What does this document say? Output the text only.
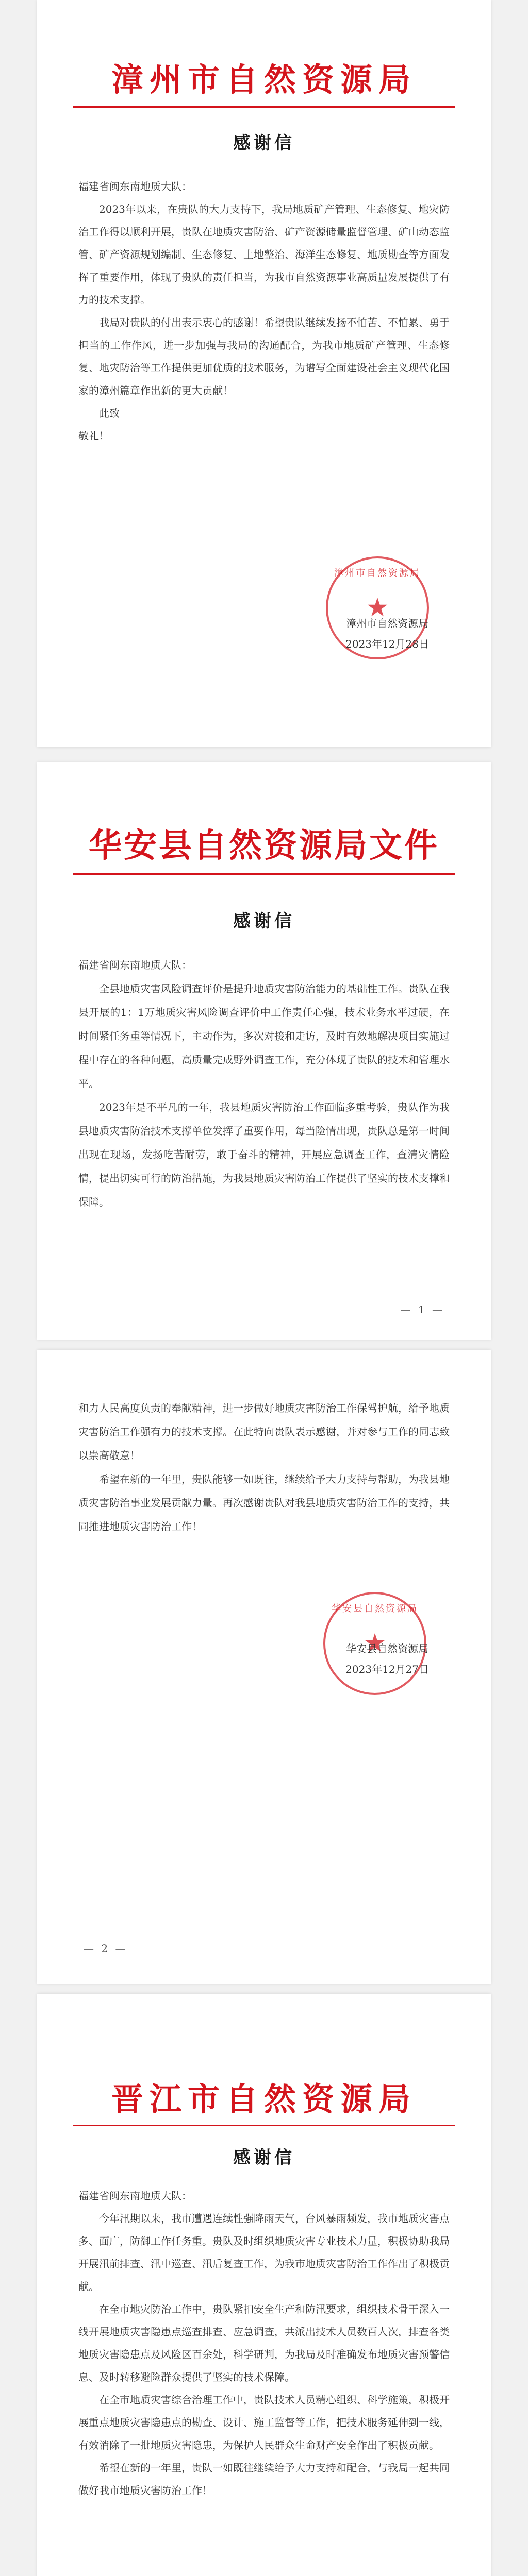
漳州市自然资源局
感谢信

福建省闽东南地质大队：

2023年以来，在贵队的大力支持下，我局地质矿产管理、生态修复、地灾防治工作得以顺利开展，贵队在地质灾害防治、矿产资源储量监督管理、矿山动态监管、矿产资源规划编制、生态修复、土地整治、海洋生态修复、地质勘查等方面发挥了重要作用，体现了贵队的责任担当，为我市自然资源事业高质量发展提供了有力的技术支撑。

我局对贵队的付出表示衷心的感谢！希望贵队继续发扬不怕苦、不怕累、勇于担当的工作作风，进一步加强与我局的沟通配合，为我市地质矿产管理、生态修复、地灾防治等工作提供更加优质的技术服务，为谱写全面建设社会主义现代化国家的漳州篇章作出新的更大贡献！

此致

敬礼！

漳州市自然资源局
★
漳州市自然资源局
2023年12月28日
华安县自然资源局文件
感谢信

福建省闽东南地质大队：

全县地质灾害风险调查评价是提升地质灾害防治能力的基础性工作。贵队在我县开展的1：1万地质灾害风险调查评价中工作责任心强，技术业务水平过硬，在时间紧任务重等情况下，主动作为，多次对接和走访，及时有效地解决项目实施过程中存在的各种问题，高质量完成野外调查工作，充分体现了贵队的技术和管理水平。

2023年是不平凡的一年，我县地质灾害防治工作面临多重考验，贵队作为我县地质灾害防治技术支撑单位发挥了重要作用，每当险情出现，贵队总是第一时间出现在现场，发扬吃苦耐劳，敢于奋斗的精神，开展应急调查工作，查清灾情险情，提出切实可行的防治措施，为我县地质灾害防治工作提供了坚实的技术支撑和保障。

— 1 —

和力人民高度负责的奉献精神，进一步做好地质灾害防治工作保驾护航，给予地质灾害防治工作强有力的技术支撑。在此特向贵队表示感谢，并对参与工作的同志致以崇高敬意！

希望在新的一年里，贵队能够一如既往，继续给予大力支持与帮助，为我县地质灾害防治事业发展贡献力量。再次感谢贵队对我县地质灾害防治工作的支持，共同推进地质灾害防治工作！

华安县自然资源局
★
华安县自然资源局
2023年12月27日
— 2 —
晋江市自然资源局
感谢信

福建省闽东南地质大队：

今年汛期以来，我市遭遇连续性强降雨天气，台风暴雨频发，我市地质灾害点多、面广，防御工作任务重。贵队及时组织地质灾害专业技术力量，积极协助我局开展汛前排查、汛中巡查、汛后复查工作，为我市地质灾害防治工作作出了积极贡献。

在全市地灾防治工作中，贵队紧扣安全生产和防汛要求，组织技术骨干深入一线开展地质灾害隐患点巡查排查、应急调查，共派出技术人员数百人次，排查各类地质灾害隐患点及风险区百余处，科学研判，为我局及时准确发布地质灾害预警信息、及时转移避险群众提供了坚实的技术保障。

在全市地质灾害综合治理工作中，贵队技术人员精心组织、科学施策，积极开展重点地质灾害隐患点的勘查、设计、施工监督等工作，把技术服务延伸到一线，有效消除了一批地质灾害隐患，为保护人民群众生命财产安全作出了积极贡献。

希望在新的一年里，贵队一如既往继续给予大力支持和配合，与我局一起共同做好我市地质灾害防治工作！
